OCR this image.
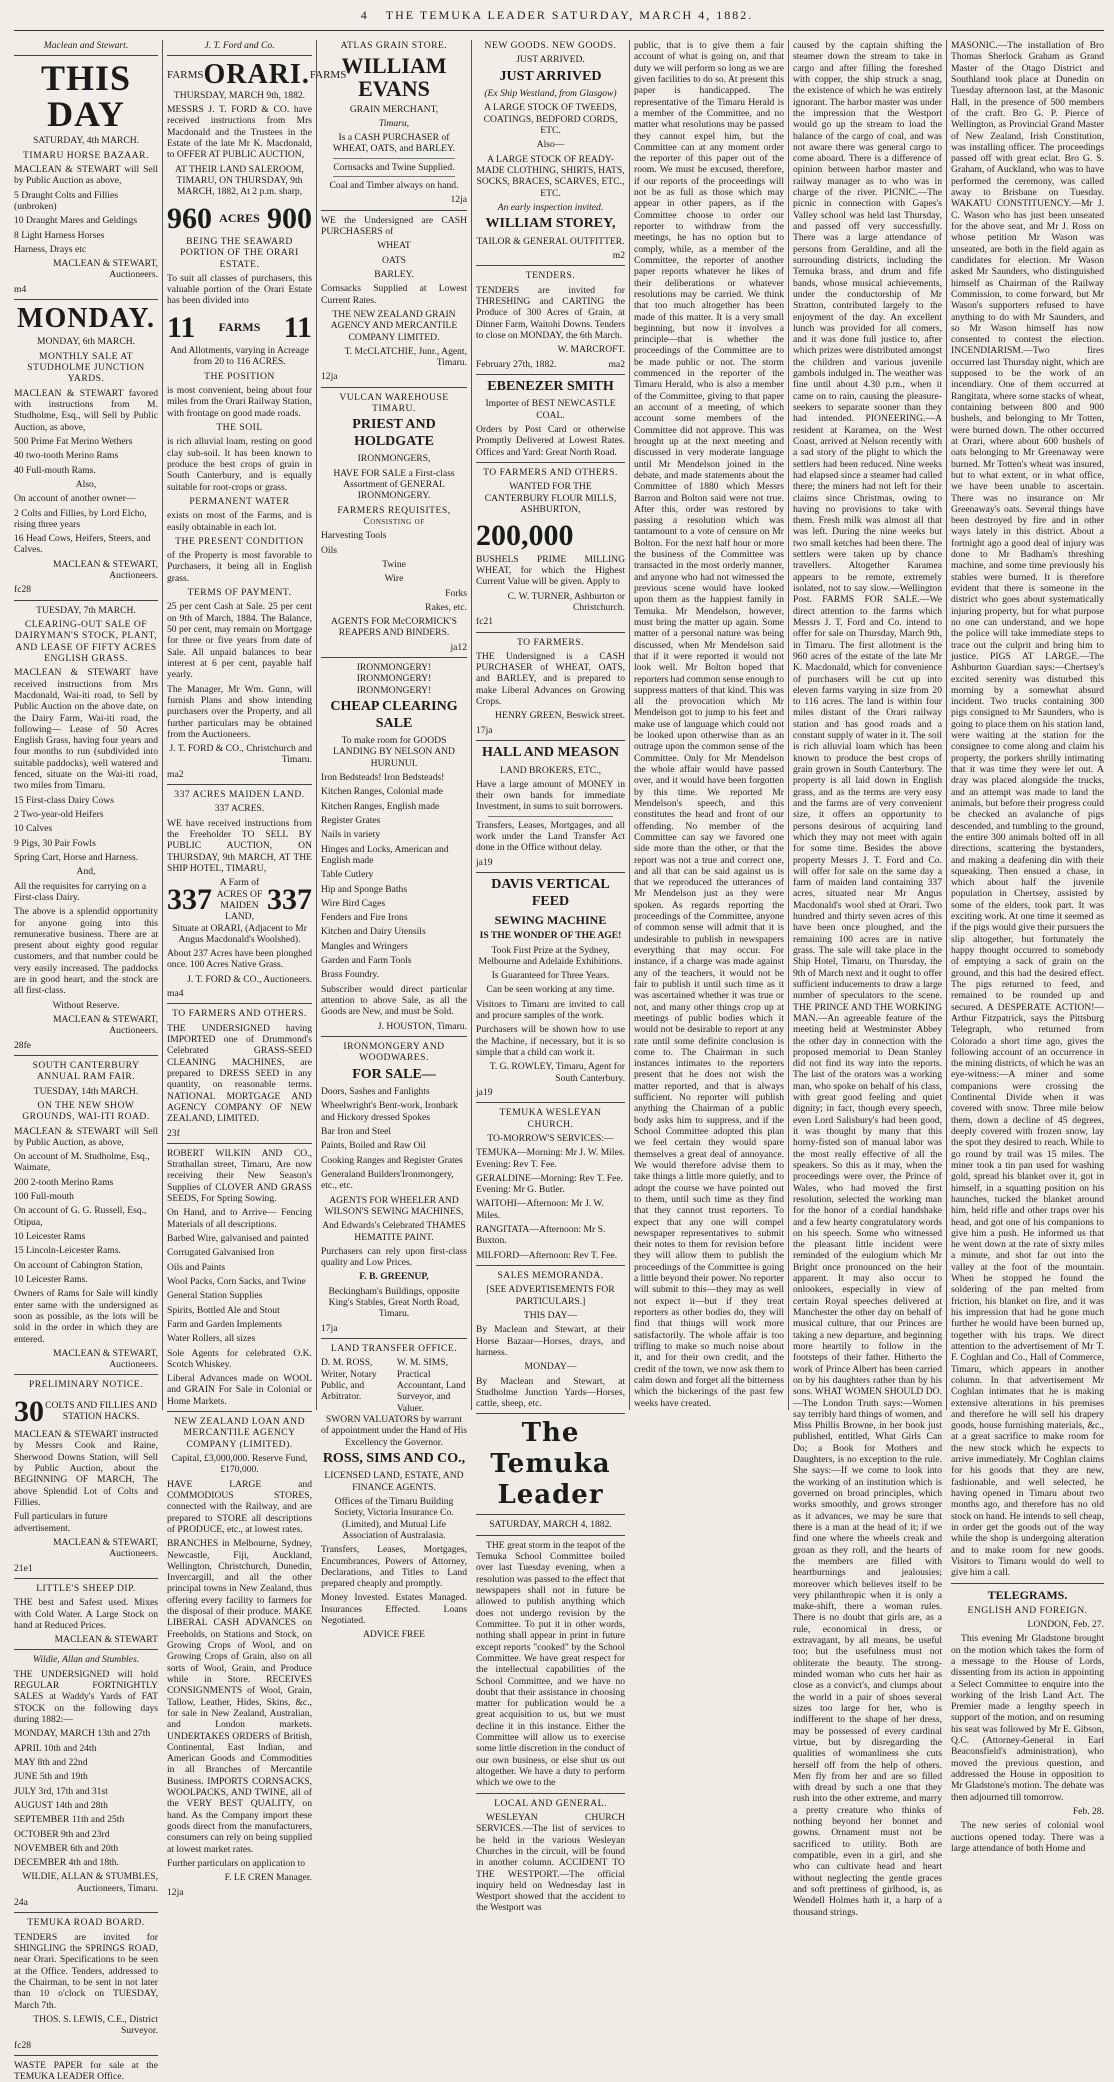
4 THE TEMUKA LEADER SATURDAY, MARCH 4, 1882.

Maclean and Stewart.

THIS DAY

SATURDAY, 4th MARCH.

TIMARU HORSE BAZAAR.

MACLEAN & STEWART will Sell by Public Auction as above,

5 Draught Colts and Fillies (unbroken)

10 Draught Mares and Geldings

8 Light Harness Horses

Harness, Drays etc

MACLEAN & STEWART, Auctioneers.

m4

MONDAY.

MONDAY, 6th MARCH.

MONTHLY SALE AT STUDHOLME JUNCTION YARDS.

MACLEAN & STEWART favored with instructions from M. Studholme, Esq., will Sell by Public Auction, as above,

500 Prime Fat Merino Wethers

40 two-tooth Merino Rams

40 Full-mouth Rams.

Also,

On account of another owner—

2 Colts and Fillies, by Lord Elcho, rising three years

16 Head Cows, Heifers, Steers, and Calves.

MACLEAN & STEWART, Auctioneers.

fc28

TUESDAY, 7th MARCH.

CLEARING-OUT SALE OF DAIRYMAN'S STOCK, PLANT, AND LEASE OF FIFTY ACRES ENGLISH GRASS.

MACLEAN & STEWART have received instructions from Mrs Macdonald, Wai-iti road, to Sell by Public Auction on the above date, on the Dairy Farm, Wai-iti road, the following— Lease of 50 Acres English Grass, having four years and four months to run (subdivided into suitable paddocks), well watered and fenced, situate on the Wai-iti road, two miles from Timaru.

15 First-class Dairy Cows

2 Two-year-old Heifers

10 Calves

9 Pigs, 30 Pair Fowls

Spring Cart, Horse and Harness.

And,

All the requisites for carrying on a First-class Dairy.

The above is a splendid opportunity for anyone going into this remunerative business. There are at present about eighty good regular customers, and that number could be very easily increased. The paddocks are in good heart, and the stock are all first-class.

Without Reserve.

MACLEAN & STEWART, Auctioneers.

28fe

SOUTH CANTERBURY ANNUAL RAM FAIR.

TUESDAY, 14th MARCH.

ON THE NEW SHOW GROUNDS, WAI-ITI ROAD.

MACLEAN & STEWART will Sell by Public Auction, as above,

On account of M. Studholme, Esq., Waimate,

200 2-tooth Merino Rams

100 Full-mouth

On account of G. G. Russell, Esq., Otipua,

10 Leicester Rams

15 Lincoln-Leicester Rams.

On account of Cabington Station,

10 Leicester Rams.

Owners of Rams for Sale will kindly enter same with the undersigned as soon as possible, as the lots will be sold in the order in which they are entered.

MACLEAN & STEWART, Auctioneers.

PRELIMINARY NOTICE.

30 COLTS AND FILLIES AND STATION HACKS.

MACLEAN & STEWART instructed by Messrs Cook and Raine, Sherwood Downs Station, will Sell by Public Auction, about the BEGINNING OF MARCH, The above Splendid Lot of Colts and Fillies.

Full particulars in future advertisement.

MACLEAN & STEWART, Auctioneers.

21e1

LITTLE'S SHEEP DIP.

THE best and Safest used. Mixes with Cold Water. A Large Stock on hand at Reduced Prices.

MACLEAN & STEWART

Wildie, Allan and Stumbles.

THE UNDERSIGNED will hold REGULAR FORTNIGHTLY SALES at Waddy's Yards of FAT STOCK on the following days during 1882:—

MONDAY, MARCH 13th and 27th

APRIL 10th and 24th

MAY 8th and 22nd

JUNE 5th and 19th

JULY 3rd, 17th and 31st

AUGUST 14th and 28th

SEPTEMBER 11th and 25th

OCTOBER 9th and 23rd

NOVEMBER 6th and 20th

DECEMBER 4th and 18th.

WILDIE, ALLAN & STUMBLES, Auctioneers, Timaru.

24a

TEMUKA ROAD BOARD.

TENDERS are invited for SHINGLING the SPRINGS ROAD, near Orari. Specifications to be seen at the Office. Tenders, addressed to the Chairman, to be sent in not later than 10 o'clock on TUESDAY, March 7th.

THOS. S. LEWIS, C.E., District Surveyor.

fc28

WASTE PAPER for sale at the TEMUKA LEADER Office.

J. T. Ford and Co.

FARMS ORARI. FARMS

THURSDAY, MARCH 9th, 1882.

MESSRS J. T. FORD & CO. have received instructions from Mrs Macdonald and the Trustees in the Estate of the late Mr K. Macdonald, to OFFER AT PUBLIC AUCTION,

AT THEIR LAND SALEROOM, TIMARU, ON THURSDAY, 9th MARCH, 1882, At 2 p.m. sharp,

960 ACRES 900

BEING THE SEAWARD PORTION OF THE ORARI ESTATE.

To suit all classes of purchasers, this valuable portion of the Orari Estate has been divided into

11 FARMS 11

And Allotments, varying in Acreage from 20 to 116 ACRES.

THE POSITION

is most convenient, being about four miles from the Orari Railway Station, with frontage on good made roads.

THE SOIL

is rich alluvial loam, resting on good clay sub-soil. It has been known to produce the best crops of grain in South Canterbury, and is equally suitable for root-crops or grass.

PERMANENT WATER

exists on most of the Farms, and is easily obtainable in each lot.

THE PRESENT CONDITION

of the Property is most favorable to Purchasers, it being all in English grass.

TERMS OF PAYMENT.

25 per cent Cash at Sale. 25 per cent on 9th of March, 1884. The Balance, 50 per cent, may remain on Mortgage for three or five years from date of Sale. All unpaid balances to bear interest at 6 per cent, payable half yearly.

The Manager, Mr Wm. Gunn, will furnish Plans and show intending purchasers over the Property, and all further particulars may be obtained from the Auctioneers.

J. T. FORD & CO., Christchurch and Timaru.

ma2

337 ACRES MAIDEN LAND.

337 ACRES.

WE have received instructions from the Freeholder TO SELL BY PUBLIC AUCTION, ON THURSDAY, 9th MARCH, AT THE SHIP HOTEL, TIMARU,

337
A Farm of ACRES OF MAIDEN LAND,
337

Situate at ORARI, (Adjacent to Mr Angus Macdonald's Woolshed).

About 237 Acres have been ploughed once. 100 Acres Native Grass.

J. T. FORD & CO., Auctioneers.

ma4

TO FARMERS AND OTHERS.

THE UNDERSIGNED having IMPORTED one of Drummond's Celebrated GRASS-SEED CLEANING MACHINES, are prepared to DRESS SEED in any quantity, on reasonable terms. NATIONAL MORTGAGE AND AGENCY COMPANY OF NEW ZEALAND, LIMITED.

23f

ROBERT WILKIN AND CO., Strathallan street, Timaru, Are now receiving their New Season's Supplies of CLOVER AND GRASS SEEDS, For Spring Sowing.

On Hand, and to Arrive— Fencing Materials of all descriptions.

Barbed Wire, galvanised and painted

Corrugated Galvanised Iron

Oils and Paints

Wool Packs, Corn Sacks, and Twine

General Station Supplies

Spirits, Bottled Ale and Stout

Farm and Garden Implements

Water Rollers, all sizes

Sole Agents for celebrated O.K. Scotch Whiskey.

Liberal Advances made on WOOL and GRAIN For Sale in Colonial or Home Markets.

NEW ZEALAND LOAN AND MERCANTILE AGENCY COMPANY (LIMITED).

Capital, £3,000,000. Reserve Fund, £170,000.

HAVE LARGE and COMMODIOUS STORES, connected with the Railway, and are prepared to STORE all descriptions of PRODUCE, etc., at lowest rates.

BRANCHES in Melbourne, Sydney, Newcastle, Fiji, Auckland, Wellington, Christchurch, Dunedin, Invercargill, and all the other principal towns in New Zealand, thus offering every facility to farmers for the disposal of their produce. MAKE LIBERAL CASH ADVANCES on Freeholds, on Stations and Stock, on Growing Crops of Wool, and on Growing Crops of Grain, also on all sorts of Wool, Grain, and Produce while in Store. RECEIVES CONSIGNMENTS of Wool, Grain, Tallow, Leather, Hides, Skins, &c., for sale in New Zealand, Australian, and London markets. UNDERTAKES ORDERS of British, Continental, East Indian, and American Goods and Commodities in all Branches of Mercantile Business. IMPORTS CORNSACKS, WOOLPACKS, AND TWINE, all of the VERY BEST QUALITY, on hand. As the Company import these goods direct from the manufacturers, consumers can rely on being supplied at lowest market rates.

Further particulars on application to

F. LE CREN Manager.

12ja

ATLAS GRAIN STORE.

WILLIAM EVANS

GRAIN MERCHANT,

Timaru,

Is a CASH PURCHASER of WHEAT, OATS, and BARLEY.

Cornsacks and Twine Supplied.

Coal and Timber always on hand.

12ja

WE the Undersigned are CASH PURCHASERS of

WHEAT

OATS

BARLEY.

Cornsacks Supplied at Lowest Current Rates.

THE NEW ZEALAND GRAIN AGENCY AND MERCANTILE COMPANY LIMITED.

T. McCLATCHIE, Junr., Agent, Timaru.

12ja

VULCAN WAREHOUSE TIMARU.

PRIEST AND HOLDGATE

IRONMONGERS,

HAVE FOR SALE a First-class Assortment of GENERAL IRONMONGERY.

FARMERS REQUISITES, Consisting of

Harvesting Tools

Oils

Twine

Wire

Forks

Rakes, etc.

AGENTS FOR McCORMICK'S REAPERS AND BINDERS.

ja12

IRONMONGERY! IRONMONGERY! IRONMONGERY!

CHEAP CLEARING SALE

To make room for GOODS LANDING BY NELSON AND HURUNUI.

Iron Bedsteads! Iron Bedsteads!

Kitchen Ranges, Colonial made

Kitchen Ranges, English made

Register Grates

Nails in variety

Hinges and Locks, American and English made

Table Cutlery

Hip and Sponge Baths

Wire Bird Cages

Fenders and Fire Irons

Kitchen and Dairy Utensils

Mangles and Wringers

Garden and Farm Tools

Brass Foundry.

Subscriber would direct particular attention to above Sale, as all the Goods are New, and must be Sold.

J. HOUSTON, Timaru.

IRONMONGERY AND WOODWARES.

FOR SALE—

Doors, Sashes and Fanlights

Wheelwright's Bent-work, Ironbark and Hickory dressed Spokes

Bar Iron and Steel

Paints, Boiled and Raw Oil

Cooking Ranges and Register Grates

Generaland Builders'Ironmongery, etc., etc.

AGENTS FOR WHEELER AND WILSON'S SEWING MACHINES,

And Edwards's Celebrated THAMES HEMATITE PAINT.

Purchasers can rely upon first-class quality and Low Prices.

F. B. GREENUP,

Beckingham's Buildings, opposite King's Stables, Great North Road, Timaru.

17ja

LAND TRANSFER OFFICE.

D. M. ROSS, Writer, Notary Public, and Arbitrator.
W. M. SIMS, Practical Accountant, Land Surveyor, and Valuer.

SWORN VALUATORS by warrant of appointment under the Hand of His Excellency the Governor.

ROSS, SIMS AND CO.,

LICENSED LAND, ESTATE, AND FINANCE AGENTS.

Offices of the Timaru Building Society, Victoria Insurance Co. (Limited), and Mutual Life Association of Australasia.

Transfers, Leases, Mortgages, Encumbrances, Powers of Attorney, Declarations, and Titles to Land prepared cheaply and promptly.

Money Invested. Estates Managed. Insurances Effected. Loans Negotiated.

ADVICE FREE

NEW GOODS. NEW GOODS.

JUST ARRIVED.

JUST ARRIVED

(Ex Ship Westland, from Glasgow)

A LARGE STOCK OF TWEEDS, COATINGS, BEDFORD CORDS, ETC.

Also—

A LARGE STOCK OF READY-MADE CLOTHING, SHIRTS, HATS, SOCKS, BRACES, SCARVES, ETC., ETC.

An early inspection invited.

WILLIAM STOREY,

TAILOR & GENERAL OUTFITTER.

m2

TENDERS.

TENDERS are invited for THRESHING and CARTING the Produce of 300 Acres of Grain, at Dinner Farm, Waitohi Downs. Tenders to close on MONDAY, the 6th March.

W. MARCROFT.

February 27th, 1882.	ma2

EBENEZER SMITH

Importer of BEST NEWCASTLE COAL.

Orders by Post Card or otherwise Promptly Delivered at Lowest Rates. Offices and Yard: Great North Road.

TO FARMERS AND OTHERS.

WANTED FOR THE CANTERBURY FLOUR MILLS, ASHBURTON,

200,000

BUSHELS PRIME MILLING WHEAT, for which the Highest Current Value will be given. Apply to

C. W. TURNER, Ashburton or Christchurch.

fc21

TO FARMERS.

THE Undersigned is a CASH PURCHASER of WHEAT, OATS, and BARLEY, and is prepared to make Liberal Advances on Growing Crops.

HENRY GREEN, Beswick street.

17ja

HALL AND MEASON

LAND BROKERS, ETC.,

Have a large amount of MONEY in their own hands for immediate Investment, in sums to suit borrowers.

Transfers, Leases, Mortgages, and all work under the Land Transfer Act done in the Office without delay.

ja19

DAVIS VERTICAL FEED

SEWING MACHINE

IS THE WONDER OF THE AGE!

Took First Prize at the Sydney, Melbourne and Adelaide Exhibitions.

Is Guaranteed for Three Years.

Can be seen working at any time.

Visitors to Timaru are invited to call and procure samples of the work.

Purchasers will be shown how to use the Machine, if necessary, but it is so simple that a child can work it.

T. G. ROWLEY, Timaru, Agent for South Canterbury.

ja19

TEMUKA WESLEYAN CHURCH.

TO-MORROW'S SERVICES:—

TEMUKA—Morning: Mr J. W. Miles. Evening: Rev T. Fee.

GERALDINE—Morning: Rev T. Fee. Evening: Mr G. Butler.

WAITOHI—Afternoon: Mr J. W. Miles.

RANGITATA—Afternoon: Mr S. Buxton.

MILFORD—Afternoon: Rev T. Fee.

SALES MEMORANDA.

[SEE ADVERTISEMENTS FOR PARTICULARS.]

THIS DAY—

By Maclean and Stewart, at their Horse Bazaar—Horses, drays, and harness.

MONDAY—

By Maclean and Stewart, at Studholme Junction Yards—Horses, cattle, sheep, etc.

The Temuka Leader

SATURDAY, MARCH 4, 1882.

THE great storm in the teapot of the Temuka School Committee boiled over last Tuesday evening, when a resolution was passed to the effect that newspapers shall not in future be allowed to publish anything which does not undergo revision by the Committee. To put it in other words, nothing shall appear in print in future except reports "cooked" by the School Committee. We have great respect for the intellectual capabilities of the School Committee, and we have no doubt that their assistance in choosing matter for publication would be a great acquisition to us, but we must decline it in this instance. Either the Committee will allow us to exercise some little discretion in the conduct of our own business, or else shut us out altogether. We have a duty to perform which we owe to the

LOCAL AND GENERAL.

WESLEYAN CHURCH SERVICES.—The list of services to be held in the various Wesleyan Churches in the circuit, will be found in another column. ACCIDENT TO THE WESTPORT.—The official inquiry held on Wednesday last in Westport showed that the accident to the Westport was

public, that is to give them a fair account of what is going on, and that duty we will perform so long as we are given facilities to do so. At present this paper is handicapped. The representative of the Timaru Herald is a member of the Committee, and no matter what resolutions may be passed they cannot expel him, but the Committee can at any moment order the reporter of this paper out of the room. We must be excused, therefore, if our reports of the proceedings will not be as full as those which may appear in other papers, as if the Committee choose to order our reporter to withdraw from the meetings, he has no option but to comply, while, as a member of the Committee, the reporter of another paper reports whatever he likes of their deliberations or whatever resolutions may be carried. We think that too much altogether has been made of this matter. It is a very small beginning, but now it involves a principle—that is whether the proceedings of the Committee are to be made public or not. The storm commenced in the reporter of the Timaru Herald, who is also a member of the Committee, giving to that paper an account of a meeting, of which account some members of the Committee did not approve. This was brought up at the next meeting and discussed in very moderate language until Mr Mendelson joined in the debate, and made statements about the Committee of 1880 which Messrs Barron and Bolton said were not true. After this, order was restored by passing a resolution which was tantamount to a vote of censure on Mr Bolton. For the next half hour or more the business of the Committee was transacted in the most orderly manner, and anyone who had not witnessed the previous scene would have looked upon them as the happiest family in Temuka. Mr Mendelson, however, must bring the matter up again. Some matter of a personal nature was being discussed, when Mr Mendelson said that if it were reported it would not look well. Mr Bolton hoped that reporters had common sense enough to suppress matters of that kind. This was all the provocation which Mr Mendelson got to jump to his feet and make use of language which could not be looked upon otherwise than as an outrage upon the common sense of the Committee. Only for Mr Mendelson the whole affair would have passed over, and it would have been forgotten by this time. We reported Mr Mendelson's speech, and this constitutes the head and front of our offending. No member of the Committee can say we favored one side more than the other, or that the report was not a true and correct one, and all that can be said against us is that we reproduced the utterances of Mr Mendelson just as they were spoken. As regards reporting the proceedings of the Committee, anyone of common sense will admit that it is undesirable to publish in newspapers everything that may occur. For instance, if a charge was made against any of the teachers, it would not be fair to publish it until such time as it was ascertained whether it was true or not, and many other things crop up at meetings of public bodies which it would not be desirable to report at any rate until some definite conclusion is come to. The Chairman in such instances intimates to the reporters present that he does not wish the matter reported, and that is always sufficient. No reporter will publish anything the Chairman of a public body asks him to suppress, and if the School Committee adopted this plan we feel certain they would spare themselves a great deal of annoyance. We would therefore advise them to take things a little more quietly, and to adopt the course we have pointed out to them, until such time as they find that they cannot trust reporters. To expect that any one will compel newspaper representatives to submit their notes to them for revision before they will allow them to publish the proceedings of the Committee is going a little beyond their power. No reporter will submit to this—they may as well not expect it—but if they treat reporters as other bodies do, they will find that things will work more satisfactorily. The whole affair is too trifling to make so much noise about it, and for their own credit, and the credit of the town, we now ask them to calm down and forget all the bitterness which the bickerings of the past few weeks have created.

caused by the captain shifting the steamer down the stream to take in cargo and after filling the foreshed with copper, the ship struck a snag, the existence of which he was entirely ignorant. The harbor master was under the impression that the Westport would go up the stream to load the balance of the cargo of coal, and was not aware there was general cargo to come aboard. There is a difference of opinion between harbor master and railway manager as to who was in charge of the river. PICNIC.—The picnic in connection with Gapes's Valley school was held last Thursday, and passed off very successfully. There was a large attendance of persons from Geraldine, and all the surrounding districts, including the Temuka brass, and drum and fife bands, whose musical achievements, under the conductorship of Mr Stratton, contributed largely to the enjoyment of the day. An excellent lunch was provided for all comers, and it was done full justice to, after which prizes were distributed amongst the children and various juvenile gambols indulged in. The weather was fine until about 4.30 p.m., when it came on to rain, causing the pleasure-seekers to separate sooner than they had intended. PIONEERING.—A resident at Karamea, on the West Coast, arrived at Nelson recently with a sad story of the plight to which the settlers had been reduced. Nine weeks had elapsed since a steamer had called there; the miners had not left for their claims since Christmas, owing to having no provisions to take with them. Fresh milk was almost all that was left. During the nine weeks but two small ketches had been there. The settlers were taken up by chance travellers. Altogether Karamea appears to be remote, extremely isolated, not to say slow.—Wellington Post. FARMS FOR SALE.—We direct attention to the farms which Messrs J. T. Ford and Co. intend to offer for sale on Thursday, March 9th, in Timaru. The first allotment is the 960 acres of the estate of the late Mr K. Macdonald, which for convenience of purchasers will be cut up into eleven farms varying in size from 20 to 116 acres. The land is within four miles distant of the Orari railway station and has good roads and a constant supply of water in it. The soil is rich alluvial loam which has been known to produce the best crops of grain grown in South Canterbury. The property is all laid down in English grass, and as the terms are very easy and the farms are of very convenient size, it offers an opportunity to persons desirous of acquiring land which they may not meet with again for some time. Besides the above property Messrs J. T. Ford and Co. will offer for sale on the same day a farm of maiden land containing 337 acres, situated near Mr Angus Macdonald's wool shed at Orari. Two hundred and thirty seven acres of this have been once ploughed, and the remaining 100 acres are in native grass. The sale will take place in the Ship Hotel, Timaru, on Thursday, the 9th of March next and it ought to offer sufficient inducements to draw a large number of speculators to the scene. THE PRINCE AND THE WORKING MAN.—An agreeable feature of the meeting held at Westminster Abbey the other day in connection with the proposed memorial to Dean Stanley did not find its way into the reports. The last of the orators was a working man, who spoke on behalf of his class, with great good feeling and quiet dignity; in fact, though every speech, even Lord Salisbury's had been good, it was thought by many that this horny-fisted son of manual labor was the most really effective of all the speakers. So this as it may, when the proceedings were over, the Prince of Wales, who had moved the first resolution, selected the working man for the honor of a cordial handshake and a few hearty congratulatory words on his speech. Some who witnessed the pleasant little incident were reminded of the eulogium which Mr Bright once pronounced on the heir apparent. It may also occur to onlookers, especially in view of certain Royal speeches delivered at Manchester the other day on behalf of musical culture, that our Princes are taking a new departure, and beginning more heartily to follow in the footsteps of their father. Hitherto the work of Prince Albert has been carried on by his daughters rather than by his sons. WHAT WOMEN SHOULD DO.—The London Truth says:—Women say terribly hard things of women, and Miss Phillis Browne, in her book just published, entitled, What Girls Can Do; a Book for Mothers and Daughters, is no exception to the rule. She says:—If we come to look into the working of an institution which is governed on broad principles, which works smoothly, and grows stronger as it advances, we may be sure that there is a man at the head of it; if we find one where the wheels creak and groan as they roll, and the hearts of the members are filled with heartburnings and jealousies; moreover which believes itself to be very philanthropic when it is only a make-shift, there a woman rules. There is no doubt that girls are, as a rule, economical in dress, or extravagant, by all means, be useful too; but the usefulness must not obliterate the beauty. The strong-minded woman who cuts her hair as close as a convict's, and clumps about the world in a pair of shoes several sizes too large for her, who is indifferent to the shape of her dress, may be possessed of every cardinal virtue, but by disregarding the qualities of womanliness she cuts herself off from the help of others. Men fly from her and are so filled with dread by such a one that they rush into the other extreme, and marry a pretty creature who thinks of nothing beyond her bonnet and gowns. Ornament must not be sacrificed to utility. Both are compatible, even in a girl, and she who can cultivate head and heart without neglecting the gentle graces and soft prettiness of girlhood, is, as Wendell Holmes hath it, a harp of a thousand strings.

MASONIC.—The installation of Bro Thomas Sherlock Graham as Grand Master of the Otago District and Southland took place at Dunedin on Tuesday afternoon last, at the Masonic Hall, in the presence of 500 members of the craft. Bro G. P. Pierce of Wellington, as Provincial Grand Master of New Zealand, Irish Constitution, was installing officer. The proceedings passed off with great eclat. Bro G. S. Graham, of Auckland, who was to have performed the ceremony, was called away to Brisbane on Tuesday. WAKATU CONSTITUENCY.—Mr J. C. Wason who has just been unseated for the above seat, and Mr J. Ross on whose petition Mr Wason was unseated, are both in the field again as candidates for election. Mr Wason asked Mr Saunders, who distinguished himself as Chairman of the Railway Commission, to come forward, but Mr Wason's supporters refused to have anything to do with Mr Saunders, and so Mr Wason himself has now consented to contest the election. INCENDIARISM.—Two fires occurred last Thursday night, which are supposed to be the work of an incendiary. One of them occurred at Rangitata, where some stacks of wheat, containing between 800 and 900 bushels, and belonging to Mr Totten, were burned down. The other occurred at Orari, where about 600 bushels of oats belonging to Mr Greenaway were burned. Mr Totten's wheat was insured, but to what extent, or in what office, we have been unable to ascertain. There was no insurance on Mr Greenaway's oats. Several things have been destroyed by fire and in other ways lately in this district. About a fortnight ago a good deal of injury was done to Mr Badham's threshing machine, and some time previously his stables were burned. It is therefore evident that there is someone in the district who goes about systematically injuring property, but for what purpose no one can understand, and we hope the police will take immediate steps to trace out the culprit and bring him to justice. PIGS AT LARGE.—The Ashburton Guardian says:—Chertsey's excited serenity was disturbed this morning by a somewhat absurd incident. Two trucks containing 300 pigs consigned to Mr Saunders, who is going to place them on his station land, were waiting at the station for the consignee to come along and claim his property, the porkers shrilly intimating that it was time they were let out. A dray was placed alongside the trucks, and an attempt was made to land the animals, but before their progress could be checked an avalanche of pigs descended, and tumbling to the ground, the entire 300 animals bolted off in all directions, scattering the bystanders, and making a deafening din with their squeaking. Then ensued a chase, in which about half the juvenile population in Chertsey, assisted by some of the elders, took part. It was exciting work. At one time it seemed as if the pigs would give their pursuers the slip altogether, but fortunately the happy thought occurred to somebody of emptying a sack of grain on the ground, and this had the desired effect. The pigs returned to feed, and remained to be rounded up and secured. A DESPERATE ACTION!—Arthur Fitzpatrick, says the Pittsburg Telegraph, who returned from Colorado a short time ago, gives the following account of an occurrence in the mining districts, of which he was an eye-witness:—A miner and some companions were crossing the Continental Divide when it was covered with snow. Three mile below them, down a decline of 45 degrees, deeply covered with frozen snow, lay the spot they desired to reach. While to go round by trail was 15 miles. The miner took a tin pan used for washing gold, spread his blanket over it, got in himself, in a squatting position on his haunches, tucked the blanket around him, held rifle and other traps over his head, and got one of his companions to give him a push. He informed us that he went down at the rate of sixty miles a minute, and shot far out into the valley at the foot of the mountain. When he stopped he found the soldering of the pan melted from friction, his blanket on fire, and it was his impression that had he gone much further he would have been burned up, together with his traps. We direct attention to the advertisement of Mr T. F. Coghlan and Co., Hall of Commerce, Timaru, which appears in another column. In that advertisement Mr Coghlan intimates that he is making extensive alterations in his premises and therefore he will sell his drapery goods, house furnishing materials, &c., at a great sacrifice to make room for the new stock which he expects to arrive immediately. Mr Coghlan claims for his goods that they are new, fashionable, and well selected, he having opened in Timaru about two months ago, and therefore has no old stock on hand. He intends to sell cheap, in order get the goods out of the way while the shop is undergoing alteration and to make room for new goods. Visitors to Timaru would do well to give him a call.

TELEGRAMS.

ENGLISH AND FOREIGN.

LONDON, Feb. 27.

This evening Mr Gladstone brought on the motion which takes the form of a message to the House of Lords, dissenting from its action in appointing a Select Committee to enquire into the working of the Irish Land Act. The Premier made a lengthy speech in support of the motion, and on resuming his seat was followed by Mr E. Gibson, Q.C. (Attorney-General in Earl Beaconsfield's administration), who moved the previous question, and addressed the House in opposition to Mr Gladstone's motion. The debate was then adjourned till tomorrow.

Feb. 28.

The new series of colonial wool auctions opened today. There was a large attendance of both Home and
